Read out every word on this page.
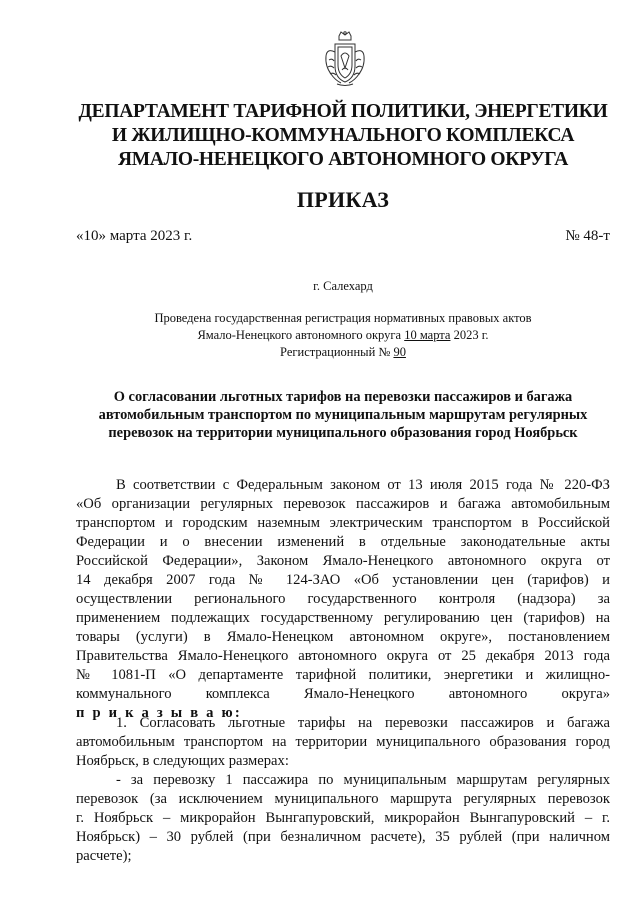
ДЕПАРТАМЕНТ ТАРИФНОЙ ПОЛИТИКИ, ЭНЕРГЕТИКИ
И ЖИЛИЩНО-КОММУНАЛЬНОГО КОМПЛЕКСА
ЯМАЛО-НЕНЕЦКОГО АВТОНОМНОГО ОКРУГА
ПРИКАЗ
«10» марта 2023 г.	№ 48-т
г. Салехард
Проведена государственная регистрация нормативных правовых актов
Ямало-Ненецкого автономного округа 10 марта 2023 г.
Регистрационный № 90
О согласовании льготных тарифов на перевозки пассажиров и багажа
автомобильным транспортом по муниципальным маршрутам регулярных
перевозок на территории муниципального образования город Ноябрьск
В соответствии с Федеральным законом от 13 июля 2015 года № 220-ФЗ
«Об организации регулярных перевозок пассажиров и багажа автомобильным
транспортом и городским наземным электрическим транспортом в Российской
Федерации и о внесении изменений в отдельные законодательные акты
Российской Федерации», Законом Ямало-Ненецкого автономного округа от
14 декабря 2007 года № 124-ЗАО «Об установлении цен (тарифов) и
осуществлении регионального государственного контроля (надзора) за
применением подлежащих государственному регулированию цен (тарифов) на
товары (услуги) в Ямало-Ненецком автономном округе», постановлением
Правительства Ямало-Ненецкого автономного округа от 25 декабря 2013 года
№ 1081-П «О департаменте тарифной политики, энергетики и жилищно-
коммунального комплекса Ямало-Ненецкого автономного округа»
п р и к а з ы в а ю:
1. Согласовать льготные тарифы на перевозки пассажиров и багажа
автомобильным транспортом на территории муниципального образования город
Ноябрьск, в следующих размерах:
- за перевозку 1 пассажира по муниципальным маршрутам регулярных
перевозок (за исключением муниципального маршрута регулярных перевозок
г. Ноябрьск – микрорайон Вынгапуровский, микрорайон Вынгапуровский – г.
Ноябрьск) – 30 рублей (при безналичном расчете), 35 рублей (при наличном
расчете);
